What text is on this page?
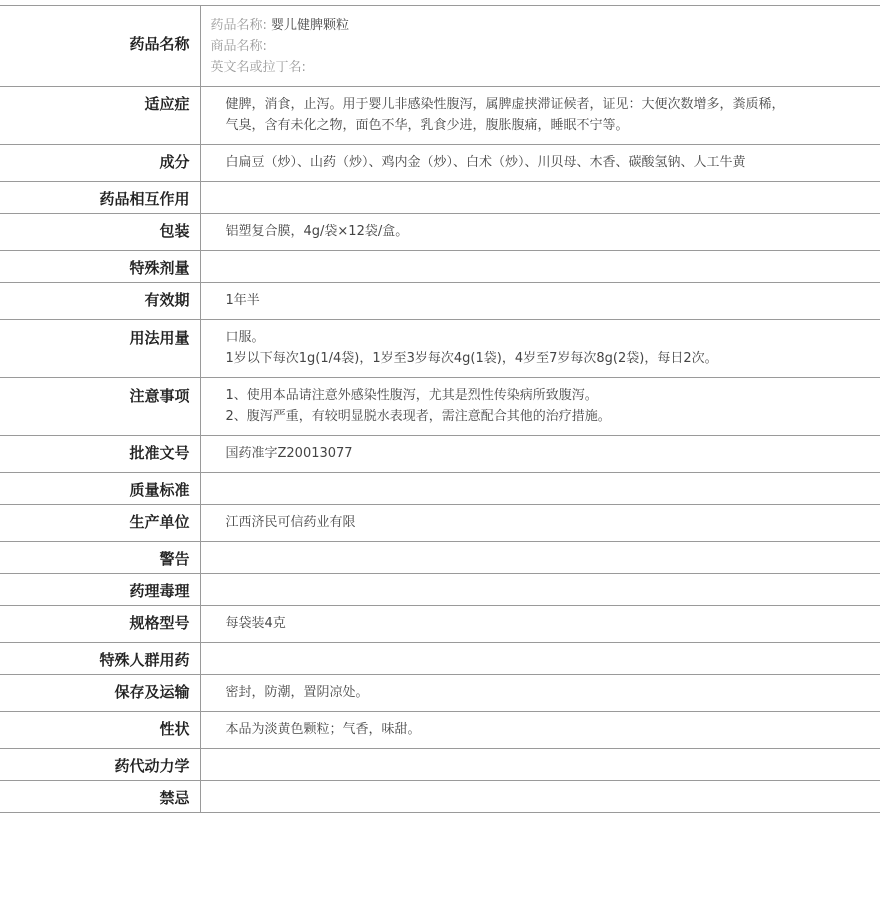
药品名称	药品名称: 婴儿健脾颗粒
商品名称:
英文名或拉丁名:

适应症	健脾，消食，止泻。用于婴儿非感染性腹泻，属脾虚挟滞证候者，证见：大便次数增多，粪质稀，气臭，含有未化之物，面色不华，乳食少进，腹胀腹痛，睡眠不宁等。

成分	白扁豆（炒）、山药（炒）、鸡内金（炒）、白术（炒）、川贝母、木香、碳酸氢钠、人工牛黄

药品相互作用	
包装	铝塑复合膜，4g/袋×12袋/盒。

特殊剂量	
有效期	1年半

用法用量	口服。
1岁以下每次1g(1/4袋)，1岁至3岁每次4g(1袋)，4岁至7岁每次8g(2袋)，每日2次。

注意事项	1、使用本品请注意外感染性腹泻，尤其是烈性传染病所致腹泻。
2、腹泻严重，有较明显脱水表现者，需注意配合其他的治疗措施。

批准文号	国药准字Z20013077

质量标准	
生产单位	江西济民可信药业有限

警告	
药理毒理	
规格型号	每袋装4克

特殊人群用药	
保存及运输	密封，防潮，置阴凉处。

性状	本品为淡黄色颗粒；气香，味甜。

药代动力学	
禁忌	
